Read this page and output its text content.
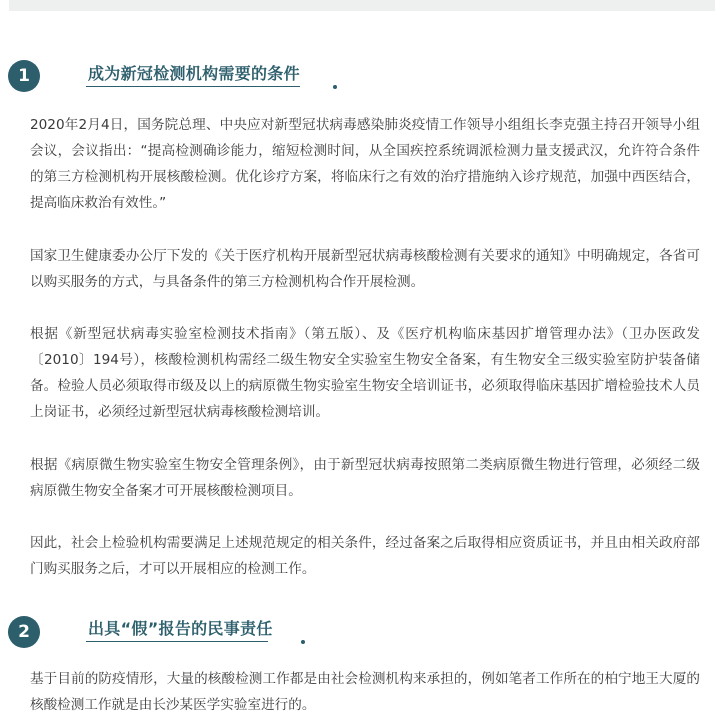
1	成为新冠检测机构需要的条件

2020年2月4日，国务院总理、中央应对新型冠状病毒感染肺炎疫情工作领导小组组长李克强主持召开领导小组会议，会议指出：“提高检测确诊能力，缩短检测时间，从全国疾控系统调派检测力量支援武汉，允许符合条件的第三方检测机构开展核酸检测。优化诊疗方案，将临床行之有效的治疗措施纳入诊疗规范，加强中西医结合，提高临床救治有效性。”

国家卫生健康委办公厅下发的《关于医疗机构开展新型冠状病毒核酸检测有关要求的通知》中明确规定，各省可以购买服务的方式，与具备条件的第三方检测机构合作开展检测。

根据《新型冠状病毒实验室检测技术指南》（第五版）、及《医疗机构临床基因扩增管理办法》（卫办医政发〔2010〕194号），核酸检测机构需经二级生物安全实验室生物安全备案，有生物安全三级实验室防护装备储备。检验人员必须取得市级及以上的病原微生物实验室生物安全培训证书，必须取得临床基因扩增检验技术人员上岗证书，必须经过新型冠状病毒核酸检测培训。

根据《病原微生物实验室生物安全管理条例》，由于新型冠状病毒按照第二类病原微生物进行管理，必须经二级病原微生物安全备案才可开展核酸检测项目。

因此，社会上检验机构需要满足上述规范规定的相关条件，经过备案之后取得相应资质证书，并且由相关政府部门购买服务之后，才可以开展相应的检测工作。

2	出具“假”报告的民事责任

基于目前的防疫情形，大量的核酸检测工作都是由社会检测机构来承担的，例如笔者工作所在的柏宁地王大厦的核酸检测工作就是由长沙某医学实验室进行的。
